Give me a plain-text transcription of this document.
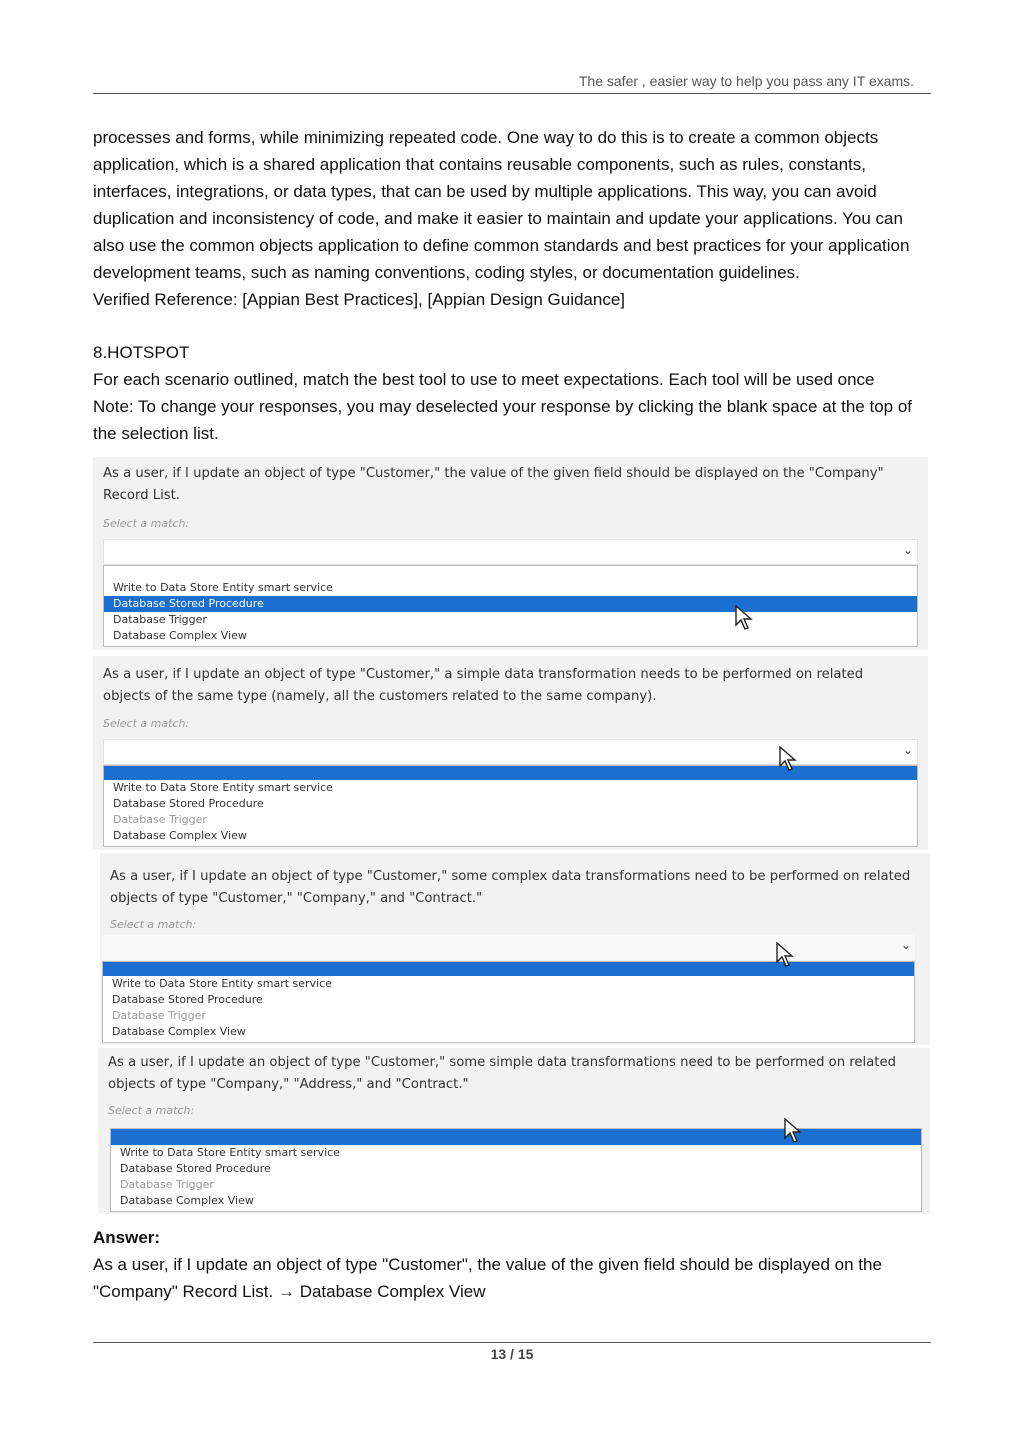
The safer , easier way to help you pass any IT exams.

processes and forms, while minimizing repeated code. One way to do this is to create a common objects application, which is a shared application that contains reusable components, such as rules, constants, interfaces, integrations, or data types, that can be used by multiple applications. This way, you can avoid duplication and inconsistency of code, and make it easier to maintain and update your applications. You can also use the common objects application to define common standards and best practices for your application development teams, such as naming conventions, coding styles, or documentation guidelines.

Verified Reference: [Appian Best Practices], [Appian Design Guidance]

8.HOTSPOT

For each scenario outlined, match the best tool to use to meet expectations. Each tool will be used once

Note: To change your responses, you may deselected your response by clicking the blank space at the top of the selection list.

As a user, if I update an object of type "Customer," the value of the given field should be displayed on the "Company" Record List.

Select a match:
⌄
Write to Data Store Entity smart service
Database Stored Procedure
Database Trigger
Database Complex View

As a user, if I update an object of type "Customer," a simple data transformation needs to be performed on related objects of the same type (namely, all the customers related to the same company).

Select a match:
⌄
Write to Data Store Entity smart service
Database Stored Procedure
Database Trigger
Database Complex View

As a user, if I update an object of type "Customer," some complex data transformations need to be performed on related objects of type "Customer," "Company," and "Contract."

Select a match:
⌄
Write to Data Store Entity smart service
Database Stored Procedure
Database Trigger
Database Complex View

As a user, if I update an object of type "Customer," some simple data transformations need to be performed on related objects of type "Company," "Address," and "Contract."

Select a match:
Write to Data Store Entity smart service
Database Stored Procedure
Database Trigger
Database Complex View
Answer:

As a user, if I update an object of type "Customer", the value of the given field should be displayed on the "Company" Record List. → Database Complex View

13 / 15
